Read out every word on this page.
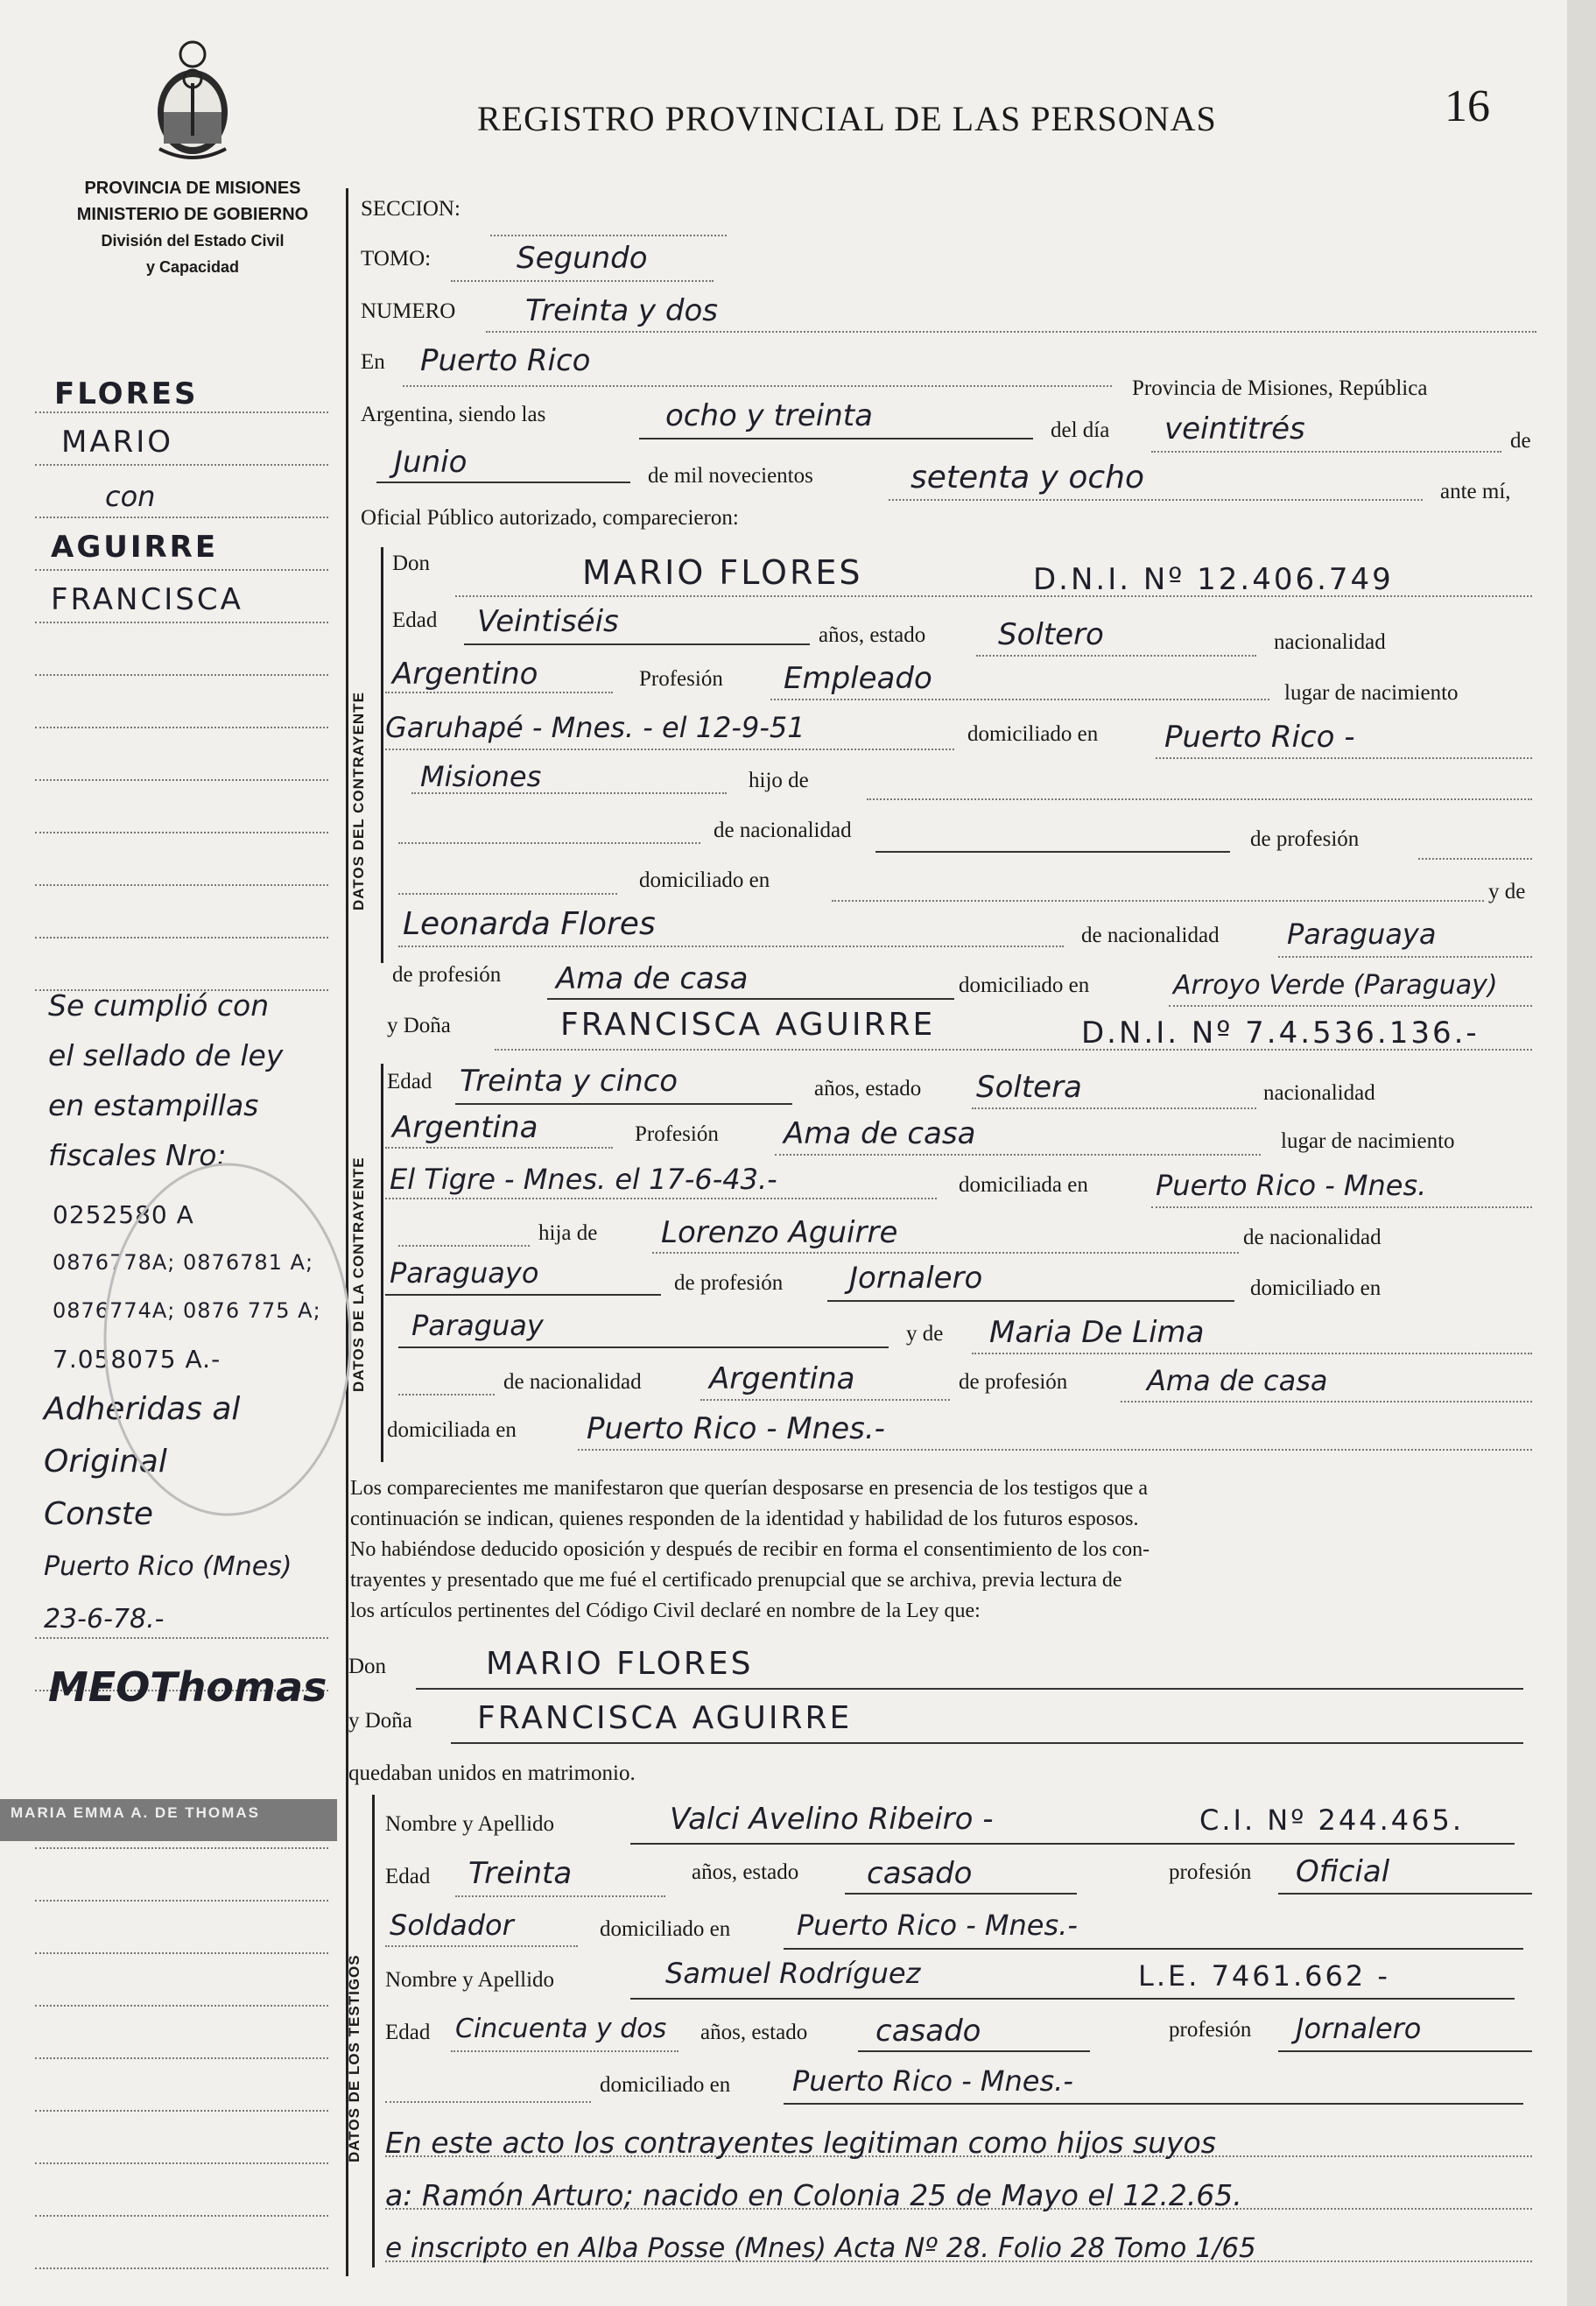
REGISTRO PROVINCIAL DE LAS PERSONAS	16
PROVINCIA DE MISIONES
MINISTERIO DE GOBIERNO
División del Estado Civil
y Capacidad
FLORES
MARIO
con
AGUIRRE
FRANCISCA
Se cumplió con
el sellado de ley
en estampillas
fiscales Nro:
0252580 A
0876778A; 0876781 A;
0876774A; 0876 775 A;
7.058075 A.-
Adheridas al
Original
Conste
Puerto Rico (Mnes)
23-6-78.-
MEOThomas
MARIA EMMA A. DE THOMAS
SECCION:
TOMO:	Segundo
NUMERO Treinta y dos
En Puerto Rico
Provincia de Misiones, República
Argentina, siendo las	ocho y treinta	del día veintitrés	de
Junio	de mil novecientos	setenta y ocho	ante mí,
Oficial Público autorizado, comparecieron:
DATOS DEL CONTRAYENTE
Don	MARIO FLORES	D.N.I. Nº 12.406.749
Edad Veintiséis	años, estado Soltero	nacionalidad
Argentino	Profesión Empleado	lugar de nacimiento
Garuhapé - Mnes. - el 12-9-51	domiciliado en Puerto Rico -
Misiones	hijo de
de nacionalidad	de profesión
domiciliado en	y de
Leonarda Flores	de nacionalidad Paraguaya
de profesión Ama de casa	domiciliado en	Arroyo Verde (Paraguay)
y Doña	FRANCISCA AGUIRRE	D.N.I. Nº 7.4.536.136.-
DATOS DE LA CONTRAYENTE
Edad Treinta y cinco	años, estado Soltera	nacionalidad
Argentina	Profesión Ama de casa	lugar de nacimiento
El Tigre - Mnes. el 17-6-43.-	domiciliada en Puerto Rico - Mnes.
hija de Lorenzo Aguirre	de nacionalidad
Paraguayo	de profesión Jornalero	domiciliado en
Paraguay	y de Maria De Lima
de nacionalidad Argentina	de profesión	Ama de casa
domiciliada en Puerto Rico - Mnes.-
Los comparecientes me manifestaron que querían desposarse en presencia de los testigos que a
continuación se indican, quienes responden de la identidad y habilidad de los futuros esposos.
No habiéndose deducido oposición y después de recibir en forma el consentimiento de los con-
trayentes y presentado que me fué el certificado prenupcial que se archiva, previa lectura de
los artículos pertinentes del Código Civil declaré en nombre de la Ley que:
Don	MARIO FLORES
y Doña FRANCISCA AGUIRRE
quedaban unidos en matrimonio.
DATOS DE LOS TESTIGOS
Nombre y Apellido	Valci Avelino Ribeiro -	C.I. Nº 244.465.
Edad Treinta	años, estado casado	profesión Oficial
Soldador	domiciliado en Puerto Rico - Mnes.-
Nombre y Apellido	Samuel Rodríguez	L.E. 7461.662 -
Edad Cincuenta y dos años, estado casado	profesión Jornalero
domiciliado en Puerto Rico - Mnes.-
En este acto los contrayentes legitiman como hijos suyos
a: Ramón Arturo; nacido en Colonia 25 de Mayo el 12.2.65.
e inscripto en Alba Posse (Mnes) Acta Nº 28. Folio 28 Tomo 1/65
